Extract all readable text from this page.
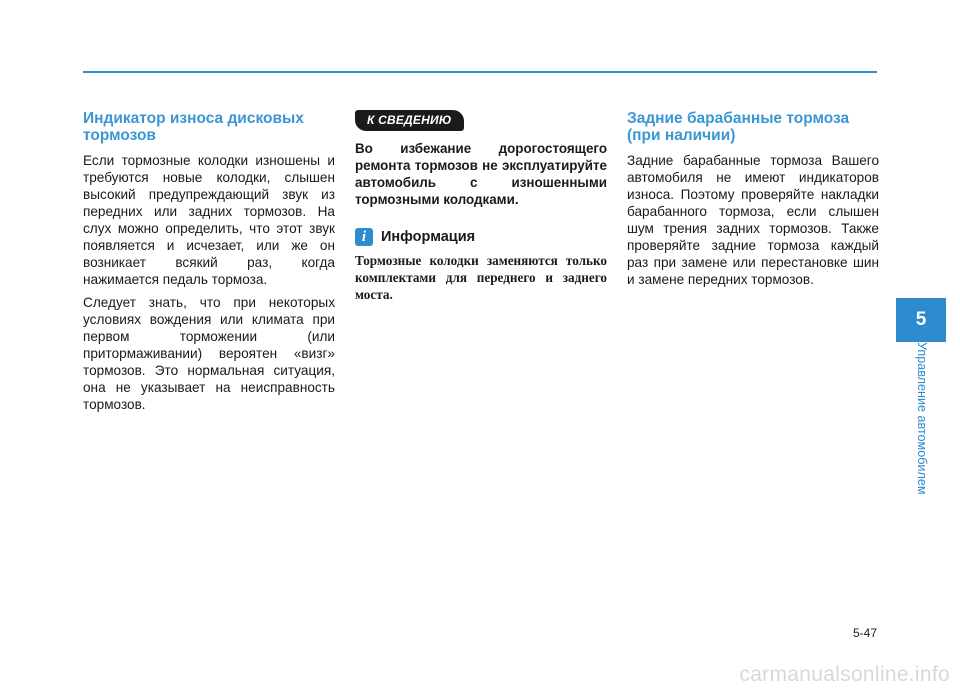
Индикатор износа дисковых тормозов

Если тормозные колодки изношены и требуются новые колодки, слышен высокий предупреждающий звук из передних или задних тормозов. На слух можно определить, что этот звук появляется и исчезает, или же он возникает всякий раз, когда нажимается педаль тормоза.

Следует знать, что при некоторых условиях вождения или климата при первом торможении (или притормаживании) вероятен «визг» тормозов. Это нормальная ситуация, она не указывает на неисправность тормозов.

К СВЕДЕНИЮ

Во избежание дорогостоящего ремонта тормозов не эксплуатируйте автомобиль с изношенными тормозными колодками.

i	Информация

Тормозные колодки заменяются только комплектами для переднего и заднего моста.

Задние барабанные тормоза (при наличии)

Задние барабанные тормоза Вашего автомобиля не имеют индикаторов износа. Поэтому проверяйте накладки барабанного тормоза, если слышен шум трения задних тормозов. Также проверяйте задние тормоза каждый раз при замене или перестановке шин и замене передних тормозов.

5
Управление автомобилем
5-47
carmanualsonline.info
